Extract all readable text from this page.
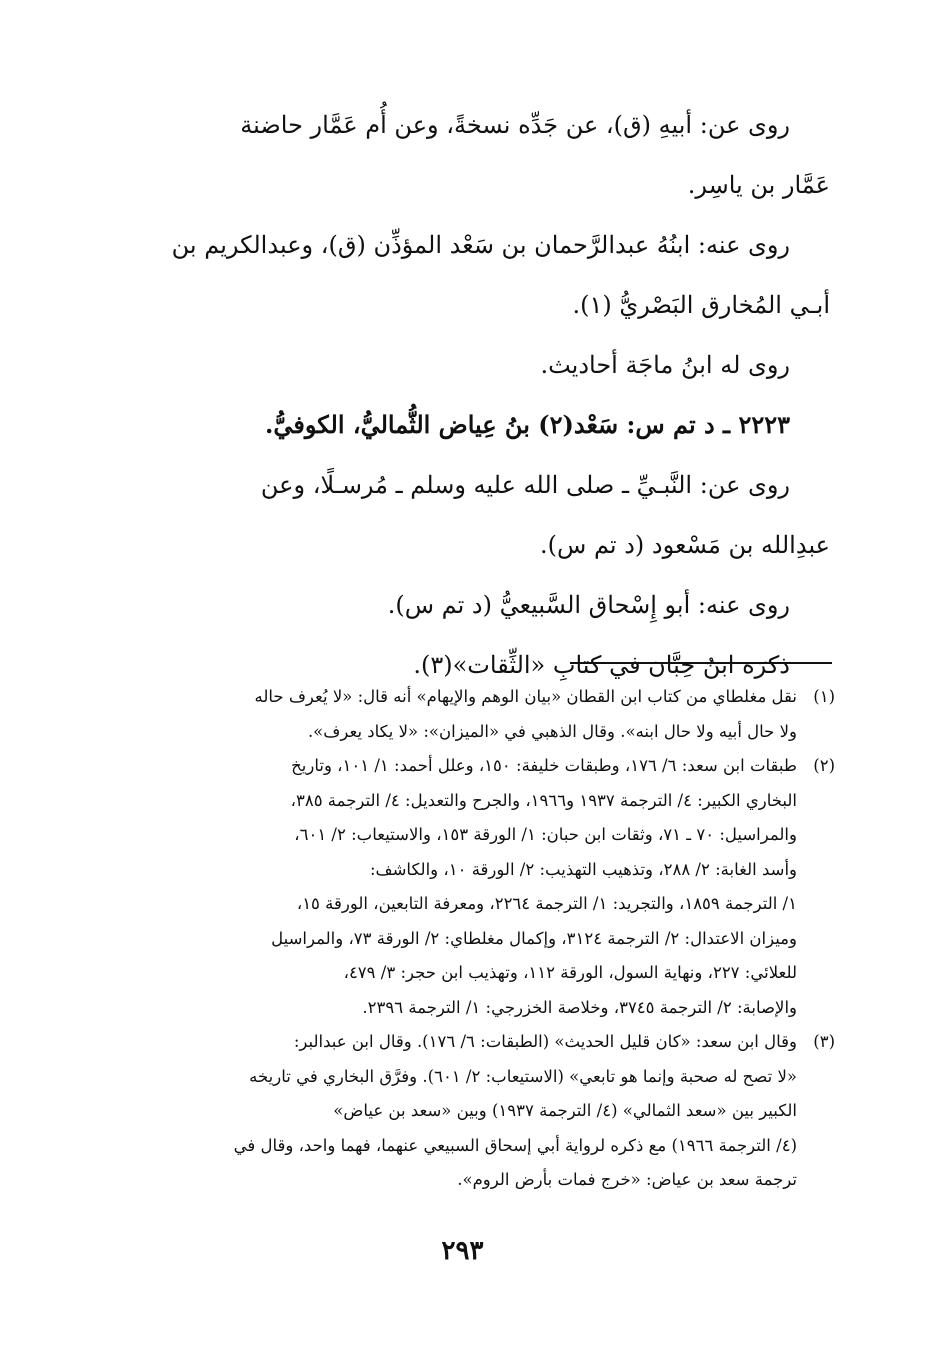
روى عن: أبيهِ (ق)، عن جَدِّه نسخةً، وعن أُم عَمَّار حاضنة

عَمَّار بن ياسِر.

روى عنه: ابنُهُ عبدالرَّحمان بن سَعْد المؤذِّن (ق)، وعبدالكريم بن

أبـي المُخارق البَصْريُّ (١).

روى له ابنُ ماجَة أحاديث.

٢٢٢٣ ـ د تم س: سَعْد(٢) بنُ عِياض الثُّماليُّ، الكوفيُّ.

روى عن: النَّبـيِّ ـ صلى الله عليه وسلم ـ مُرسـلًا، وعن

عبدِالله بن مَسْعود (د تم س).

روى عنه: أبو إِسْحاق السَّبيعيُّ (د تم س).

ذكرَه ابنُ حِبَّان في كتابِ «الثِّقات»(٣).

(١)
نقل مغلطاي من كتاب ابن القطان «بيان الوهم والإيهام» أنه قال: «لا يُعرف حاله
ولا حال أبيه ولا حال ابنه». وقال الذهبي في «الميزان»: «لا يكاد يعرف».
(٢)
طبقات ابن سعد: ٦/ ١٧٦، وطبقات خليفة: ١٥٠، وعلل أحمد: ١/ ١٠١، وتاريخ
البخاري الكبير: ٤/ الترجمة ١٩٣٧ و١٩٦٦، والجرح والتعديل: ٤/ الترجمة ٣٨٥،
والمراسيل: ٧٠ ـ ٧١، وثقات ابن حبان: ١/ الورقة ١٥٣، والاستيعاب: ٢/ ٦٠١،
وأسد الغابة: ٢/ ٢٨٨، وتذهيب التهذيب: ٢/ الورقة ١٠، والكاشف:
١/ الترجمة ١٨٥٩، والتجريد: ١/ الترجمة ٢٢٦٤، ومعرفة التابعين، الورقة ١٥،
وميزان الاعتدال: ٢/ الترجمة ٣١٢٤، وإكمال مغلطاي: ٢/ الورقة ٧٣، والمراسيل
للعلائي: ٢٢٧، ونهاية السول، الورقة ١١٢، وتهذيب ابن حجر: ٣/ ٤٧٩،
والإصابة: ٢/ الترجمة ٣٧٤٥، وخلاصة الخزرجي: ١/ الترجمة ٢٣٩٦.
(٣)
وقال ابن سعد: «كان قليل الحديث» (الطبقات: ٦/ ١٧٦). وقال ابن عبدالبر:
«لا تصح له صحبة وإنما هو تابعي» (الاستيعاب: ٢/ ٦٠١). وفرَّق البخاري في تاريخه
الكبير بين «سعد الثمالي» (٤/ الترجمة ١٩٣٧) وبين «سعد بن عياض»
(٤/ الترجمة ١٩٦٦) مع ذكره لرواية أبي إسحاق السبيعي عنهما، فهما واحد، وقال في
ترجمة سعد بن عياض: «خرج فمات بأرض الروم».
٢٩٣
